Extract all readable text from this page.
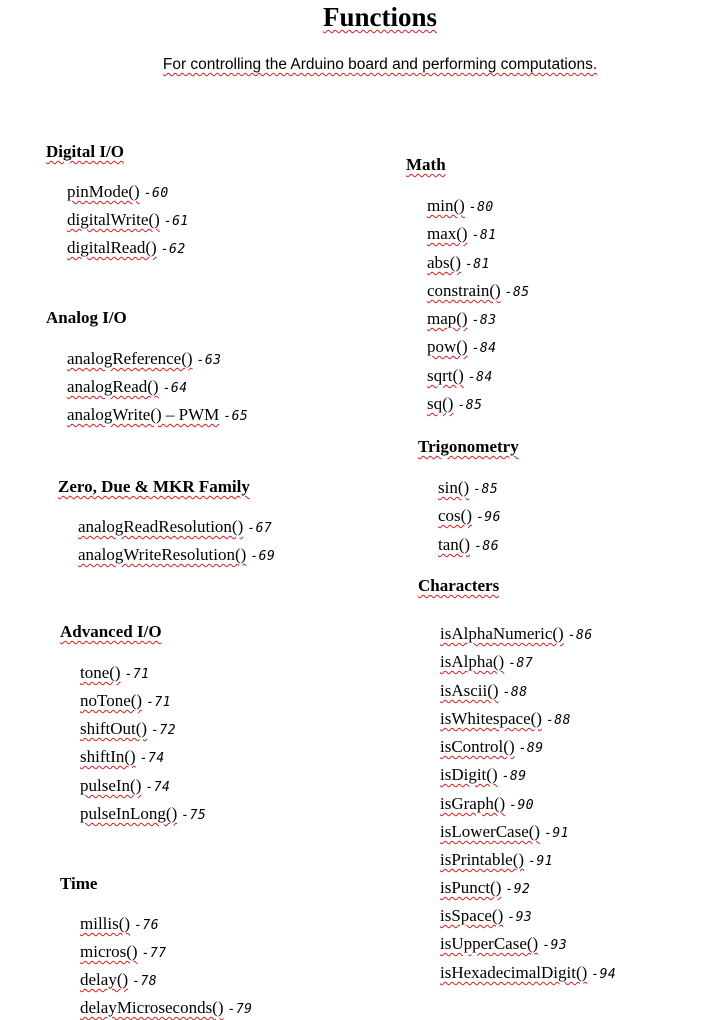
Functions
For controlling the Arduino board and performing computations.
Digital I/O
pinMode() -60
digitalWrite() -61
digitalRead() -62
Analog I/O
analogReference() -63
analogRead() -64
analogWrite() – PWM -65
Zero, Due & MKR Family
analogReadResolution() -67
analogWriteResolution() -69
Advanced I/O
tone() -71
noTone() -71
shiftOut() -72
shiftIn() -74
pulseIn() -74
pulseInLong() -75
Time
millis() -76
micros() -77
delay() -78
delayMicroseconds() -79
Math
min() -80
max() -81
abs() -81
constrain() -85
map() -83
pow() -84
sqrt() -84
sq() -85
Trigonometry
sin() -85
cos() -96
tan() -86
Characters
isAlphaNumeric() -86
isAlpha() -87
isAscii() -88
isWhitespace() -88
isControl() -89
isDigit() -89
isGraph() -90
isLowerCase() -91
isPrintable() -91
isPunct() -92
isSpace() -93
isUpperCase() -93
isHexadecimalDigit() -94
